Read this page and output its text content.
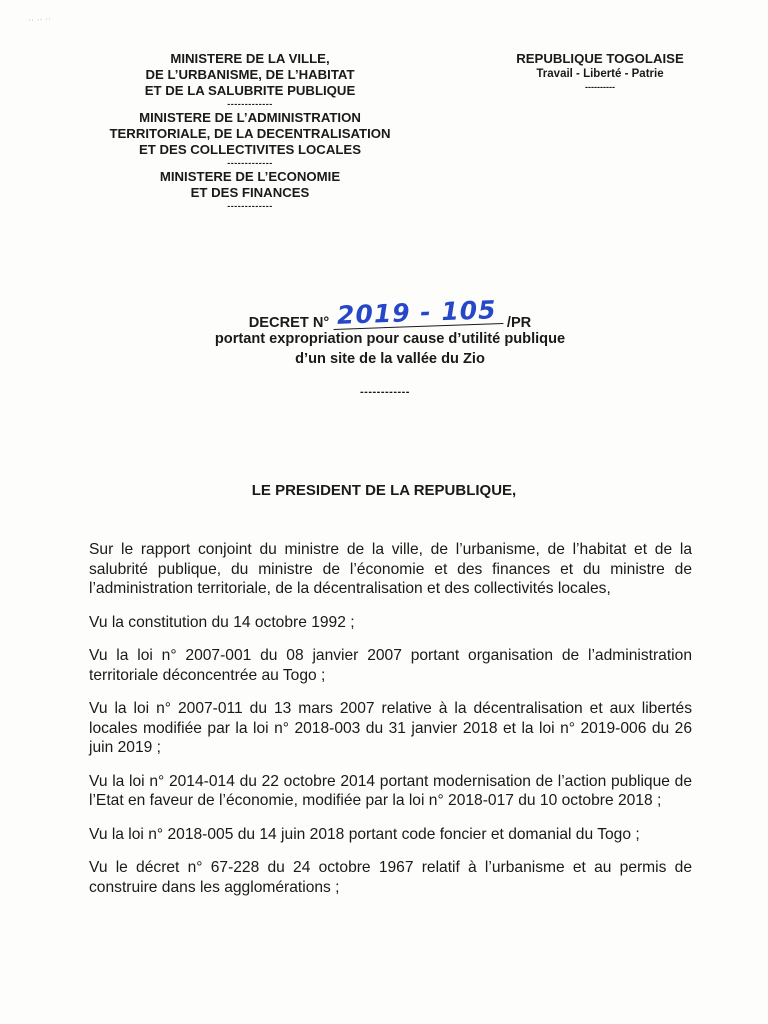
·· ·· ··
MINISTERE DE LA VILLE,
DE L’URBANISME, DE L’HABITAT
ET DE LA SALUBRITE PUBLIQUE
-------------
MINISTERE DE L’ADMINISTRATION
TERRITORIALE, DE LA DECENTRALISATION
ET DES COLLECTIVITES LOCALES
-------------
MINISTERE DE L’ECONOMIE
ET DES FINANCES
-------------
REPUBLIQUE TOGOLAISE
Travail - Liberté - Patrie
----------
DECRET N° 2019 - 105 /PR
portant expropriation pour cause d’utilité publique
d’un site de la vallée du Zio
------------
LE PRESIDENT DE LA REPUBLIQUE,

Sur le rapport conjoint du ministre de la ville, de l’urbanisme, de l’habitat et de la salubrité publique, du ministre de l’économie et des finances et du ministre de l’administration territoriale, de la décentralisation et des collectivités locales,

Vu la constitution du 14 octobre 1992 ;

Vu la loi n° 2007-001 du 08 janvier 2007 portant organisation de l’administration territoriale déconcentrée au Togo ;

Vu la loi n° 2007-011 du 13 mars 2007 relative à la décentralisation et aux libertés locales modifiée par la loi n° 2018-003 du 31 janvier 2018 et la loi n° 2019-006 du 26 juin 2019 ;

Vu la loi n° 2014-014 du 22 octobre 2014 portant modernisation de l’action publique de l’Etat en faveur de l’économie, modifiée par la loi n° 2018-017 du 10 octobre 2018 ;

Vu la loi n° 2018-005 du 14 juin 2018 portant code foncier et domanial du Togo ;

Vu le décret n° 67-228 du 24 octobre 1967 relatif à l’urbanisme et au permis de construire dans les agglomérations ;
